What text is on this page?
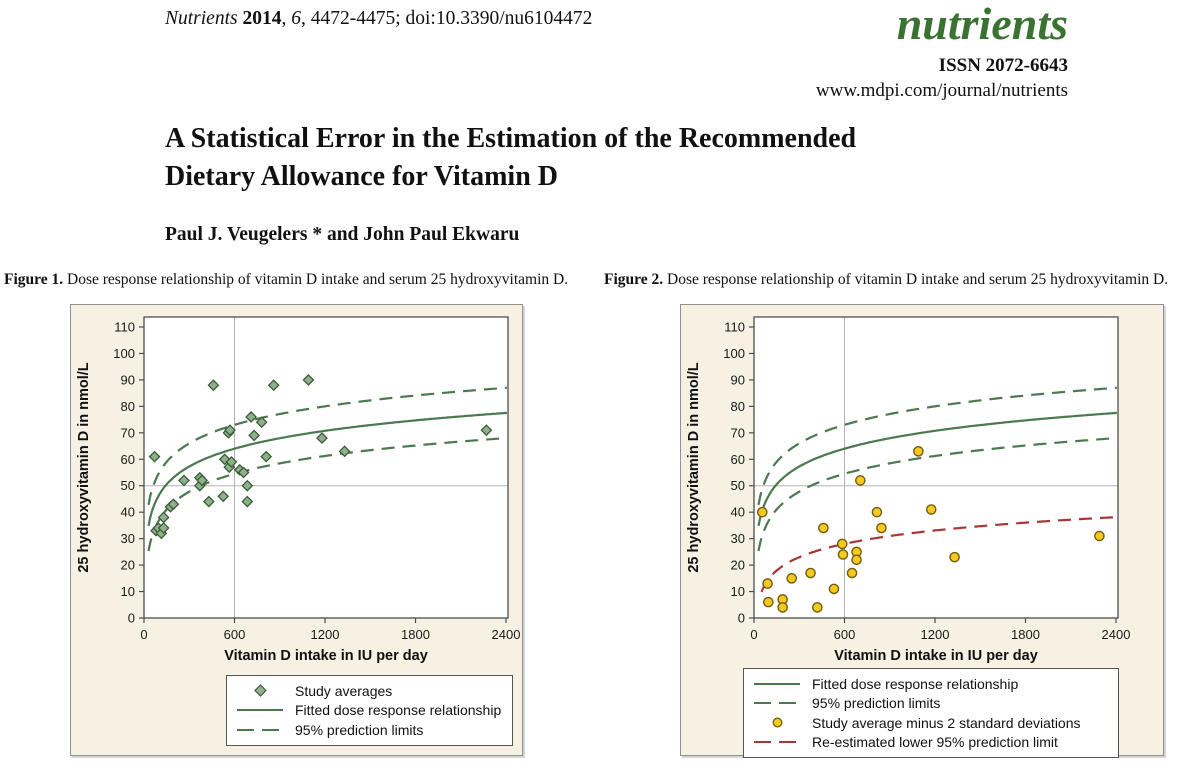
Nutrients 2014, 6, 4472-4475; doi:10.3390/nu6104472	nutrients
ISSN 2072-6643
www.mdpi.com/journal/nutrients
A Statistical Error in the Estimation of the Recommended
Dietary Allowance for Vitamin D
Paul J. Veugelers * and John Paul Ekwaru
Figure 1. Dose response relationship of vitamin D intake and serum 25 hydroxyvitamin D.	Figure 2. Dose response relationship of vitamin D intake and serum 25 hydroxyvitamin D.
0
10
20
30
40
50
60
70
80
90
100
110
0	600	1200	1800	2400
Vitamin D intake in IU per day
25 hydroxyvitamin D in nmol/L
Study averages
Fitted dose response relationship
95% prediction limits
0
10
20
30
40
50
60
70
80
90
100
110
0	600	1200	1800	2400
Vitamin D intake in IU per day
25 hydroxyvitamin D in nmol/L
Fitted dose response relationship
95% prediction limits
Study average minus 2 standard deviations
Re-estimated lower 95% prediction limit
